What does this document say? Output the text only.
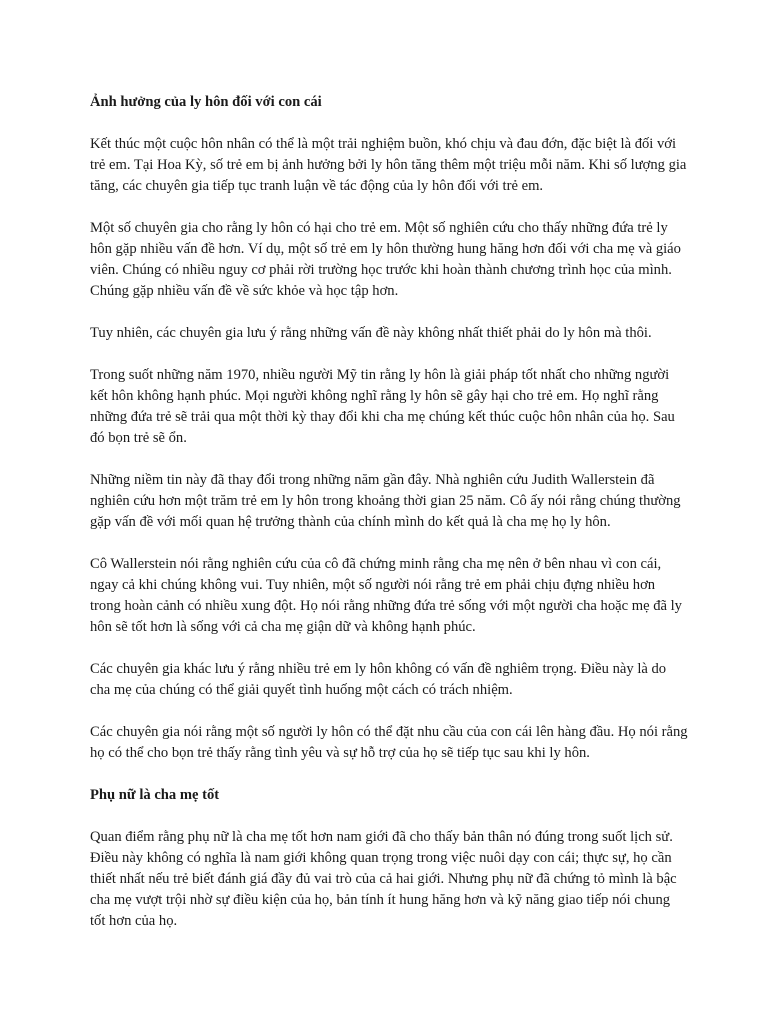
Ảnh hưởng của ly hôn đối với con cái

Kết thúc một cuộc hôn nhân có thể là một trải nghiệm buồn, khó chịu và đau đớn, đặc biệt là đối với trẻ em. Tại Hoa Kỳ, số trẻ em bị ảnh hưởng bởi ly hôn tăng thêm một triệu mỗi năm. Khi số lượng gia tăng, các chuyên gia tiếp tục tranh luận về tác động của ly hôn đối với trẻ em.

Một số chuyên gia cho rằng ly hôn có hại cho trẻ em. Một số nghiên cứu cho thấy những đứa trẻ ly hôn gặp nhiều vấn đề hơn. Ví dụ, một số trẻ em ly hôn thường hung hăng hơn đối với cha mẹ và giáo viên. Chúng có nhiều nguy cơ phải rời trường học trước khi hoàn thành chương trình học của mình. Chúng gặp nhiều vấn đề về sức khỏe và học tập hơn.

Tuy nhiên, các chuyên gia lưu ý rằng những vấn đề này không nhất thiết phải do ly hôn mà thôi.

Trong suốt những năm 1970, nhiều người Mỹ tin rằng ly hôn là giải pháp tốt nhất cho những người kết hôn không hạnh phúc. Mọi người không nghĩ rằng ly hôn sẽ gây hại cho trẻ em. Họ nghĩ rằng những đứa trẻ sẽ trải qua một thời kỳ thay đổi khi cha mẹ chúng kết thúc cuộc hôn nhân của họ. Sau đó bọn trẻ sẽ ổn.

Những niềm tin này đã thay đổi trong những năm gần đây. Nhà nghiên cứu Judith Wallerstein đã nghiên cứu hơn một trăm trẻ em ly hôn trong khoảng thời gian 25 năm. Cô ấy nói rằng chúng thường gặp vấn đề với mối quan hệ trưởng thành của chính mình do kết quả là cha mẹ họ ly hôn.

Cô Wallerstein nói rằng nghiên cứu của cô đã chứng minh rằng cha mẹ nên ở bên nhau vì con cái, ngay cả khi chúng không vui. Tuy nhiên, một số người nói rằng trẻ em phải chịu đựng nhiều hơn trong hoàn cảnh có nhiều xung đột. Họ nói rằng những đứa trẻ sống với một người cha hoặc mẹ đã ly hôn sẽ tốt hơn là sống với cả cha mẹ giận dữ và không hạnh phúc.

Các chuyên gia khác lưu ý rằng nhiều trẻ em ly hôn không có vấn đề nghiêm trọng. Điều này là do cha mẹ của chúng có thể giải quyết tình huống một cách có trách nhiệm.

Các chuyên gia nói rằng một số người ly hôn có thể đặt nhu cầu của con cái lên hàng đầu. Họ nói rằng họ có thể cho bọn trẻ thấy rằng tình yêu và sự hỗ trợ của họ sẽ tiếp tục sau khi ly hôn.

Phụ nữ là cha mẹ tốt

Quan điểm rằng phụ nữ là cha mẹ tốt hơn nam giới đã cho thấy bản thân nó đúng trong suốt lịch sử. Điều này không có nghĩa là nam giới không quan trọng trong việc nuôi dạy con cái; thực sự, họ cần thiết nhất nếu trẻ biết đánh giá đầy đủ vai trò của cả hai giới. Nhưng phụ nữ đã chứng tỏ mình là bậc cha mẹ vượt trội nhờ sự điều kiện của họ, bản tính ít hung hăng hơn và kỹ năng giao tiếp nói chung tốt hơn của họ.
